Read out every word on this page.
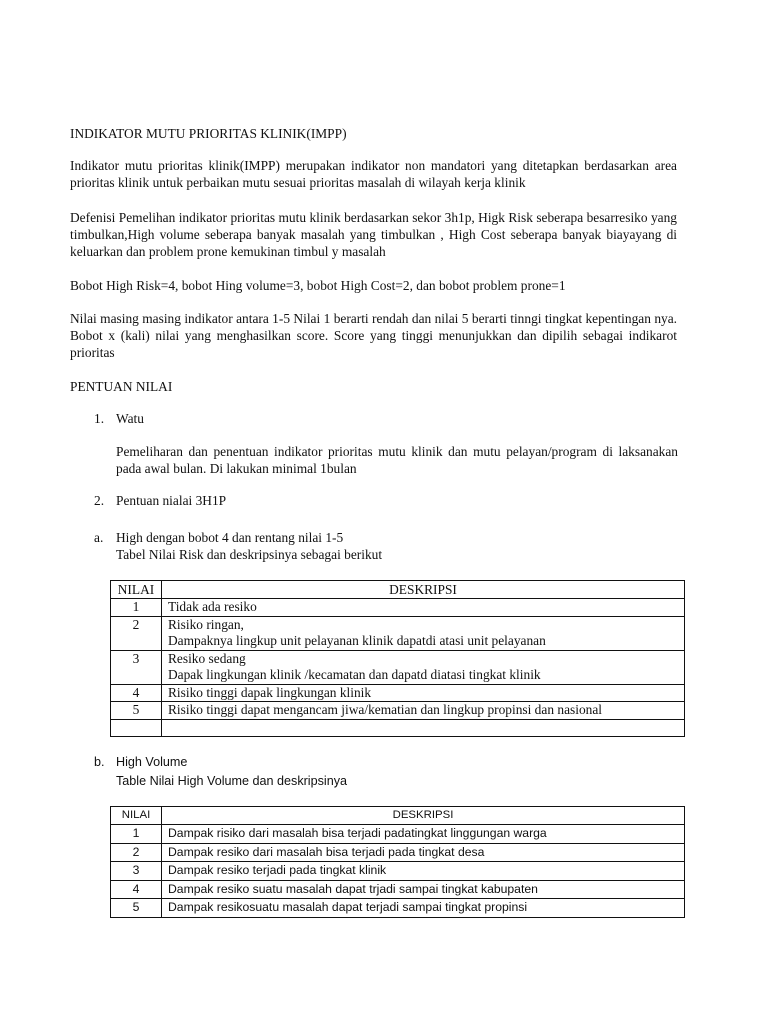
INDIKATOR MUTU PRIORITAS KLINIK(IMPP)

Indikator mutu prioritas klinik(IMPP) merupakan indikator non mandatori yang ditetapkan berdasarkan area prioritas klinik untuk perbaikan mutu sesuai prioritas masalah di wilayah kerja klinik

Defenisi Pemelihan indikator prioritas mutu klinik berdasarkan sekor 3h1p, Higk Risk seberapa besarresiko yang timbulkan,High volume seberapa banyak masalah yang timbulkan , High Cost seberapa banyak biayayang di keluarkan dan problem prone kemukinan timbul y masalah

Bobot High Risk=4, bobot Hing volume=3, bobot High Cost=2, dan bobot problem prone=1

Nilai masing masing indikator antara 1-5 Nilai 1 berarti rendah dan nilai 5 berarti tinngi tingkat kepentingan nya. Bobot x (kali) nilai yang menghasilkan score. Score yang tinggi menunjukkan dan dipilih sebagai indikarot prioritas

PENTUAN NILAI

1. Watu

Pemeliharan dan penentuan indikator prioritas mutu klinik dan mutu pelayan/program di laksanakan pada awal bulan. Di lakukan minimal 1bulan

2. Pentuan nialai 3H1P
a. High dengan bobot 4 dan rentang nilai 1-5

Tabel Nilai Risk dan deskripsinya sebagai berikut

NILAI	DESKRIPSI
1	Tidak ada resiko

2	Risiko ringan,
Dampaknya lingkup unit pelayanan klinik dapatdi atasi unit pelayanan

3	Resiko sedang
Dapak lingkungan klinik /kecamatan dan dapatd diatasi tingkat klinik

4	Risiko tinggi dapak lingkungan klinik

5	Risiko tinggi dapat mengancam jiwa/kematian dan lingkup propinsi dan nasional

b. High Volume

Table Nilai High Volume dan deskripsinya

NILAI	DESKRIPSI
1	Dampak risiko dari masalah bisa terjadi padatingkat linggungan warga
2	Dampak resiko dari masalah bisa terjadi pada tingkat desa
3	Dampak resiko terjadi pada tingkat klinik
4	Dampak resiko suatu masalah dapat trjadi sampai tingkat kabupaten
5	Dampak resikosuatu masalah dapat terjadi sampai tingkat propinsi
